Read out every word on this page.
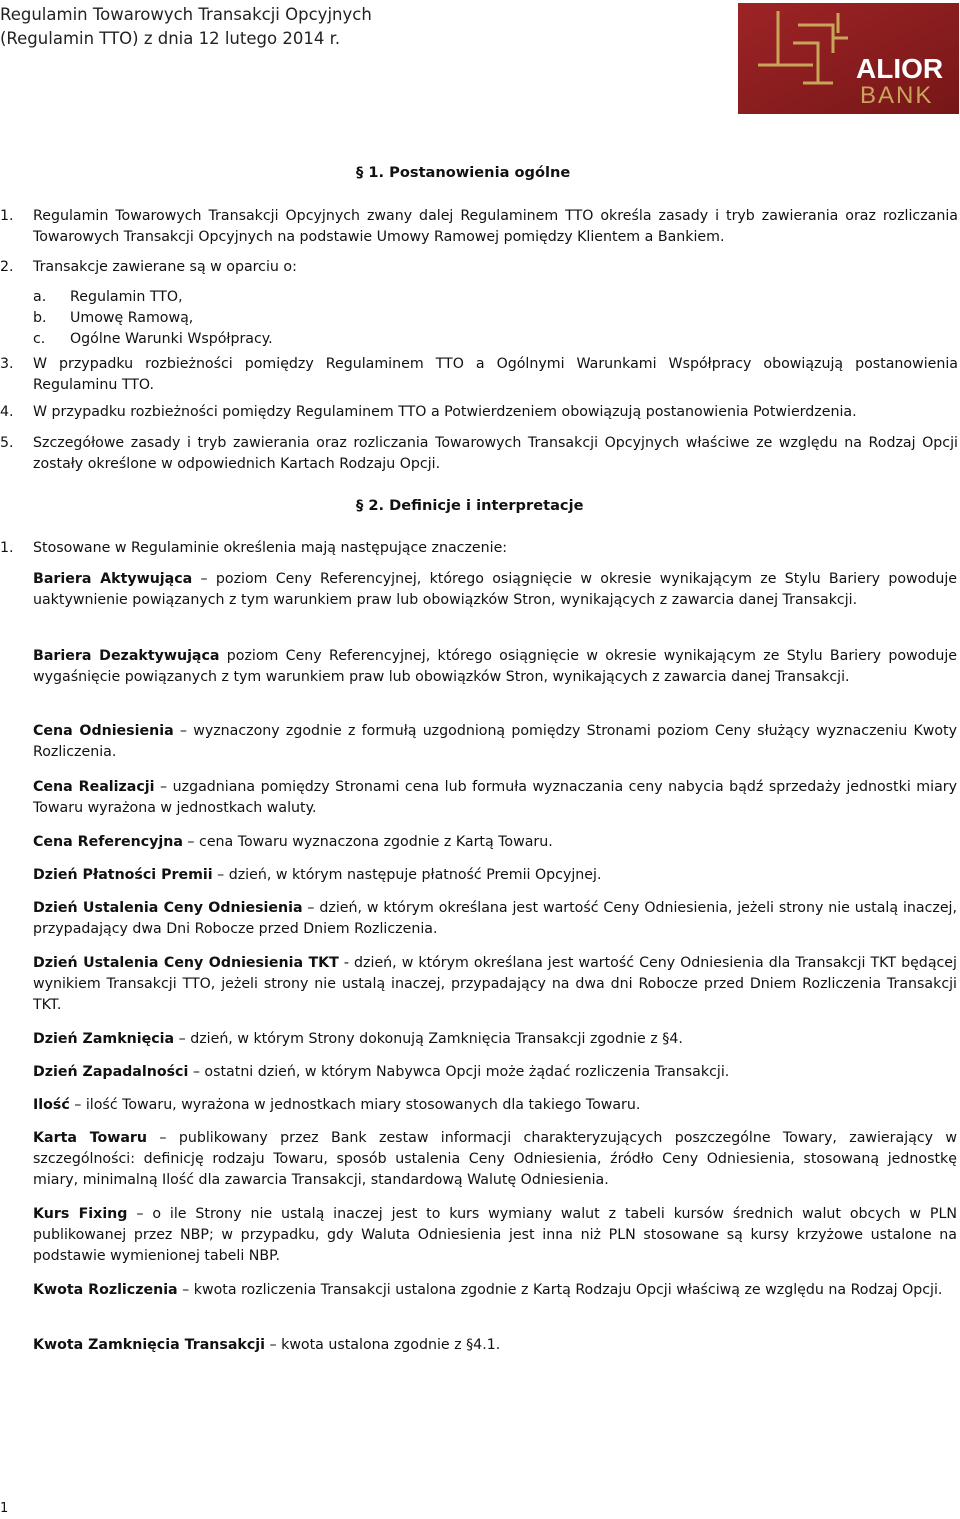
Regulamin Towarowych Transakcji Opcyjnych
(Regulamin TTO) z dnia 12 lutego 2014 r.
ALIOR
BANK
§ 1. Postanowienia ogólne
1. Regulamin Towarowych Transakcji Opcyjnych zwany dalej Regulaminem TTO określa zasady i tryb zawierania oraz rozliczania Towarowych Transakcji Opcyjnych na podstawie Umowy Ramowej pomiędzy Klientem a Bankiem.
2. Transakcje zawierane są w oparciu o:
a. Regulamin TTO,
b. Umowę Ramową,
c. Ogólne Warunki Współpracy.
3. W przypadku rozbieżności pomiędzy Regulaminem TTO a Ogólnymi Warunkami Współpracy obowiązują postanowienia Regulaminu TTO.
4. W przypadku rozbieżności pomiędzy Regulaminem TTO a Potwierdzeniem obowiązują postanowienia Potwierdzenia.
5. Szczegółowe zasady i tryb zawierania oraz rozliczania Towarowych Transakcji Opcyjnych właściwe ze względu na Rodzaj Opcji zostały określone w odpowiednich Kartach Rodzaju Opcji.
§ 2. Definicje i interpretacje
1. Stosowane w Regulaminie określenia mają następujące znaczenie:
Bariera Aktywująca – poziom Ceny Referencyjnej, którego osiągnięcie w okresie wynikającym ze Stylu Bariery powoduje uaktywnienie powiązanych z tym warunkiem praw lub obowiązków Stron, wynikających z zawarcia danej Transakcji.
Bariera Dezaktywująca poziom Ceny Referencyjnej, którego osiągnięcie w okresie wynikającym ze Stylu Bariery powoduje wygaśnięcie powiązanych z tym warunkiem praw lub obowiązków Stron, wynikających z zawarcia danej Transakcji.
Cena Odniesienia – wyznaczony zgodnie z formułą uzgodnioną pomiędzy Stronami poziom Ceny służący wyznaczeniu Kwoty Rozliczenia.
Cena Realizacji – uzgadniana pomiędzy Stronami cena lub formuła wyznaczania ceny nabycia bądź sprzedaży jednostki miary Towaru wyrażona w jednostkach waluty.
Cena Referencyjna – cena Towaru wyznaczona zgodnie z Kartą Towaru.
Dzień Płatności Premii – dzień, w którym następuje płatność Premii Opcyjnej.
Dzień Ustalenia Ceny Odniesienia – dzień, w którym określana jest wartość Ceny Odniesienia, jeżeli strony nie ustalą inaczej, przypadający dwa Dni Robocze przed Dniem Rozliczenia.
Dzień Ustalenia Ceny Odniesienia TKT - dzień, w którym określana jest wartość Ceny Odniesienia dla Transakcji TKT będącej wynikiem Transakcji TTO, jeżeli strony nie ustalą inaczej, przypadający na dwa dni Robocze przed Dniem Rozliczenia Transakcji TKT.
Dzień Zamknięcia – dzień, w którym Strony dokonują Zamknięcia Transakcji zgodnie z §4.
Dzień Zapadalności – ostatni dzień, w którym Nabywca Opcji może żądać rozliczenia Transakcji.
Ilość – ilość Towaru, wyrażona w jednostkach miary stosowanych dla takiego Towaru.
Karta Towaru – publikowany przez Bank zestaw informacji charakteryzujących poszczególne Towary, zawierający w szczególności: definicję rodzaju Towaru, sposób ustalenia Ceny Odniesienia, źródło Ceny Odniesienia, stosowaną jednostkę miary, minimalną Ilość dla zawarcia Transakcji, standardową Walutę Odniesienia.
Kurs Fixing – o ile Strony nie ustalą inaczej jest to kurs wymiany walut z tabeli kursów średnich walut obcych w PLN publikowanej przez NBP; w przypadku, gdy Waluta Odniesienia jest inna niż PLN stosowane są kursy krzyżowe ustalone na podstawie wymienionej tabeli NBP.
Kwota Rozliczenia – kwota rozliczenia Transakcji ustalona zgodnie z Kartą Rodzaju Opcji właściwą ze względu na Rodzaj Opcji.
Kwota Zamknięcia Transakcji – kwota ustalona zgodnie z §4.1.
1
